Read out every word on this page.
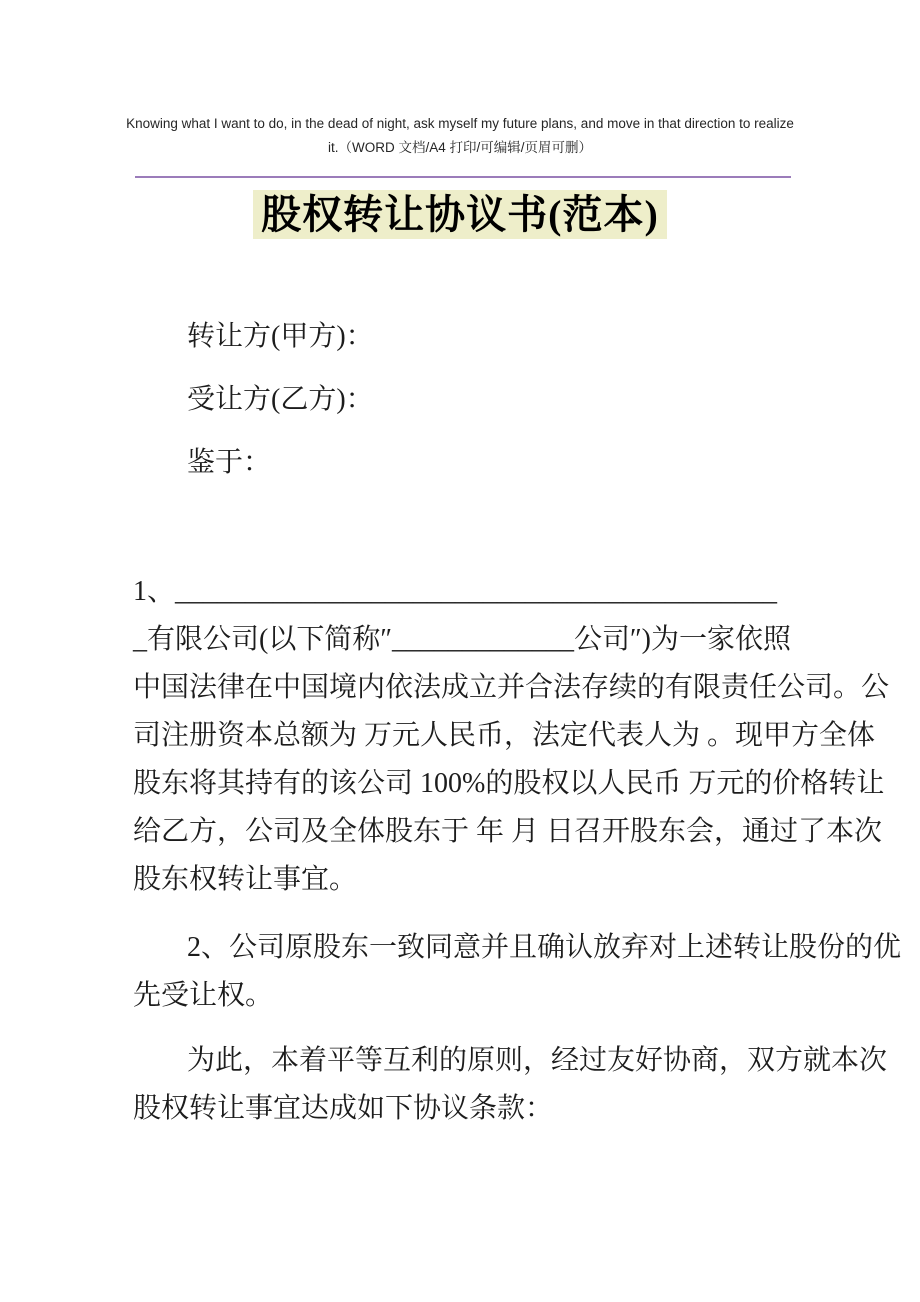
Knowing what I want to do, in the dead of night, ask myself my future plans, and move in that direction to realize
it.（WORD 文档/A4 打印/可编辑/页眉可删）
股权转让协议书(范本)

转让方(甲方)：

受让方(乙方)：

鉴于：

1、___________________________________________
_有限公司(以下简称″_____________公司″)为一家依照
中国法律在中国境内依法成立并合法存续的有限责任公司。公
司注册资本总额为 万元人民币，法定代表人为 。现甲方全体
股东将其持有的该公司 100%的股权以人民币 万元的价格转让
给乙方，公司及全体股东于 年 月 日召开股东会，通过了本次
股东权转让事宜。
2、公司原股东一致同意并且确认放弃对上述转让股份的优
先受让权。
为此，本着平等互利的原则，经过友好协商，双方就本次
股权转让事宜达成如下协议条款：
